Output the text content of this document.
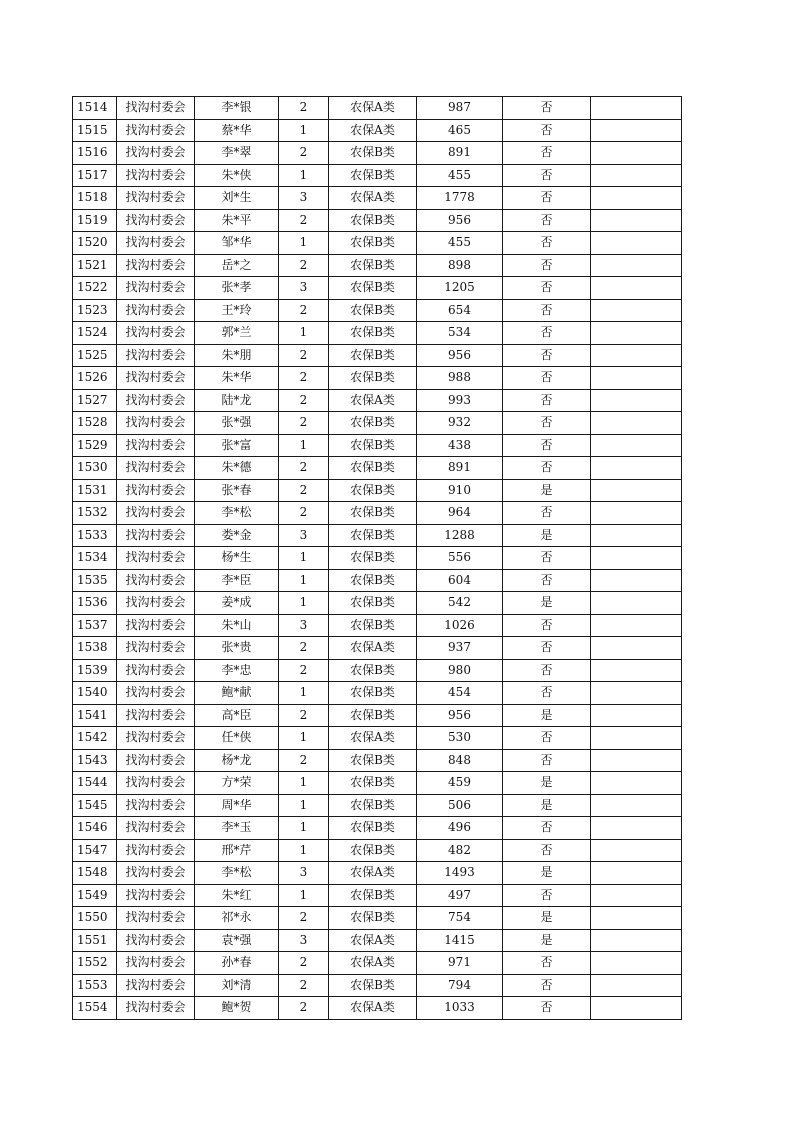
1514	找沟村委会	李*银	2	农保A类	987	否	
1515	找沟村委会	蔡*华	1	农保A类	465	否	
1516	找沟村委会	李*翠	2	农保B类	891	否	
1517	找沟村委会	朱*侠	1	农保B类	455	否	
1518	找沟村委会	刘*生	3	农保A类	1778	否	
1519	找沟村委会	朱*平	2	农保B类	956	否	
1520	找沟村委会	邹*华	1	农保B类	455	否	
1521	找沟村委会	岳*之	2	农保B类	898	否	
1522	找沟村委会	张*孝	3	农保B类	1205	否	
1523	找沟村委会	王*玲	2	农保B类	654	否	
1524	找沟村委会	郭*兰	1	农保B类	534	否	
1525	找沟村委会	朱*朋	2	农保B类	956	否	
1526	找沟村委会	朱*华	2	农保B类	988	否	
1527	找沟村委会	陆*龙	2	农保A类	993	否	
1528	找沟村委会	张*强	2	农保B类	932	否	
1529	找沟村委会	张*富	1	农保B类	438	否	
1530	找沟村委会	朱*德	2	农保B类	891	否	
1531	找沟村委会	张*春	2	农保B类	910	是	
1532	找沟村委会	李*松	2	农保B类	964	否	
1533	找沟村委会	娄*金	3	农保B类	1288	是	
1534	找沟村委会	杨*生	1	农保B类	556	否	
1535	找沟村委会	李*臣	1	农保B类	604	否	
1536	找沟村委会	姜*成	1	农保B类	542	是	
1537	找沟村委会	朱*山	3	农保B类	1026	否	
1538	找沟村委会	张*贵	2	农保A类	937	否	
1539	找沟村委会	李*忠	2	农保B类	980	否	
1540	找沟村委会	鲍*献	1	农保B类	454	否	
1541	找沟村委会	高*臣	2	农保B类	956	是	
1542	找沟村委会	任*侠	1	农保A类	530	否	
1543	找沟村委会	杨*龙	2	农保B类	848	否	
1544	找沟村委会	方*荣	1	农保B类	459	是	
1545	找沟村委会	周*华	1	农保B类	506	是	
1546	找沟村委会	李*玉	1	农保B类	496	否	
1547	找沟村委会	邢*芹	1	农保B类	482	否	
1548	找沟村委会	李*松	3	农保A类	1493	是	
1549	找沟村委会	朱*红	1	农保B类	497	否	
1550	找沟村委会	祁*永	2	农保B类	754	是	
1551	找沟村委会	袁*强	3	农保A类	1415	是	
1552	找沟村委会	孙*春	2	农保A类	971	否	
1553	找沟村委会	刘*清	2	农保B类	794	否	
1554	找沟村委会	鲍*贺	2	农保A类	1033	否	
